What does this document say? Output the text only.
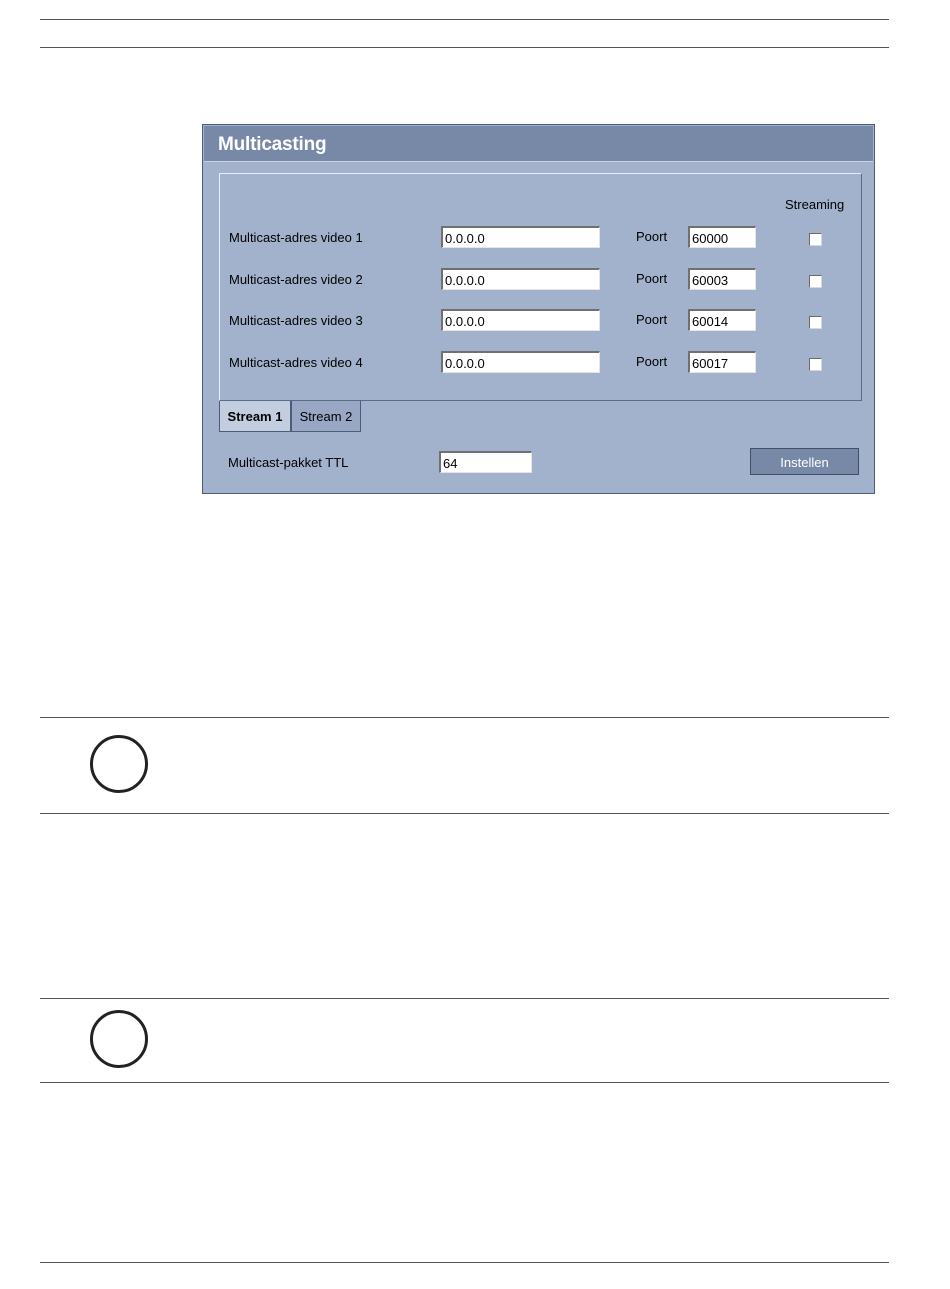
Multicasting
Streaming
Multicast-adres video 1	0.0.0.0	Poort	60000
Multicast-adres video 2	0.0.0.0	Poort	60003
Multicast-adres video 3	0.0.0.0	Poort	60014
Multicast-adres video 4	0.0.0.0	Poort	60017
Stream 1	Stream 2
Multicast-pakket TTL	64	Instellen
